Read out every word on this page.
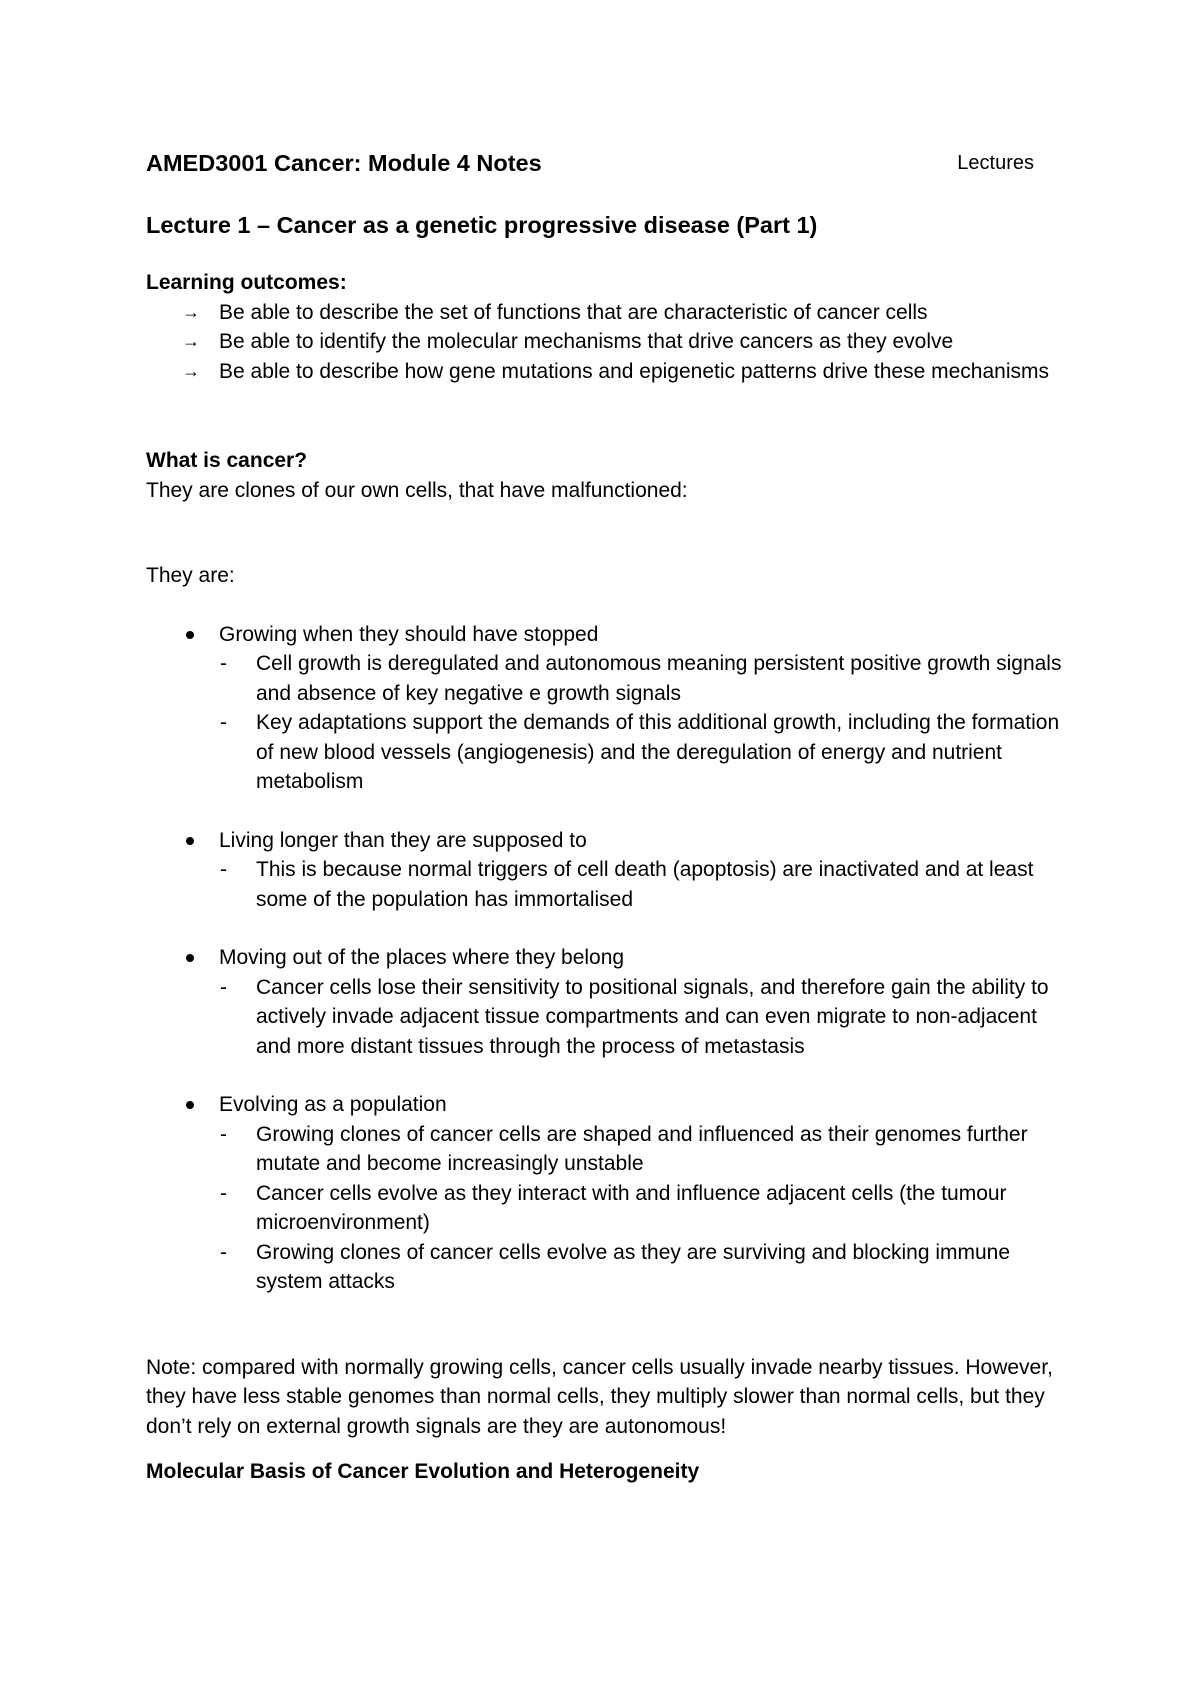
AMED3001 Cancer: Module 4 Notes	Lectures
Lecture 1 – Cancer as a genetic progressive disease (Part 1)
Learning outcomes:
→ Be able to describe the set of functions that are characteristic of cancer cells
→ Be able to identify the molecular mechanisms that drive cancers as they evolve
→ Be able to describe how gene mutations and epigenetic patterns drive these mechanisms
What is cancer?
They are clones of our own cells, that have malfunctioned:
They are:
Growing when they should have stopped
- Cell growth is deregulated and autonomous meaning persistent positive growth signals and absence of key negative e growth signals
- Key adaptations support the demands of this additional growth, including the formation of new blood vessels (angiogenesis) and the deregulation of energy and nutrient metabolism
Living longer than they are supposed to
- This is because normal triggers of cell death (apoptosis) are inactivated and at least some of the population has immortalised
Moving out of the places where they belong
- Cancer cells lose their sensitivity to positional signals, and therefore gain the ability to actively invade adjacent tissue compartments and can even migrate to non-adjacent and more distant tissues through the process of metastasis
Evolving as a population
- Growing clones of cancer cells are shaped and influenced as their genomes further mutate and become increasingly unstable
- Cancer cells evolve as they interact with and influence adjacent cells (the tumour microenvironment)
- Growing clones of cancer cells evolve as they are surviving and blocking immune system attacks
Note: compared with normally growing cells, cancer cells usually invade nearby tissues. However, they have less stable genomes than normal cells, they multiply slower than normal cells, but they don’t rely on external growth signals are they are autonomous!
Molecular Basis of Cancer Evolution and Heterogeneity
